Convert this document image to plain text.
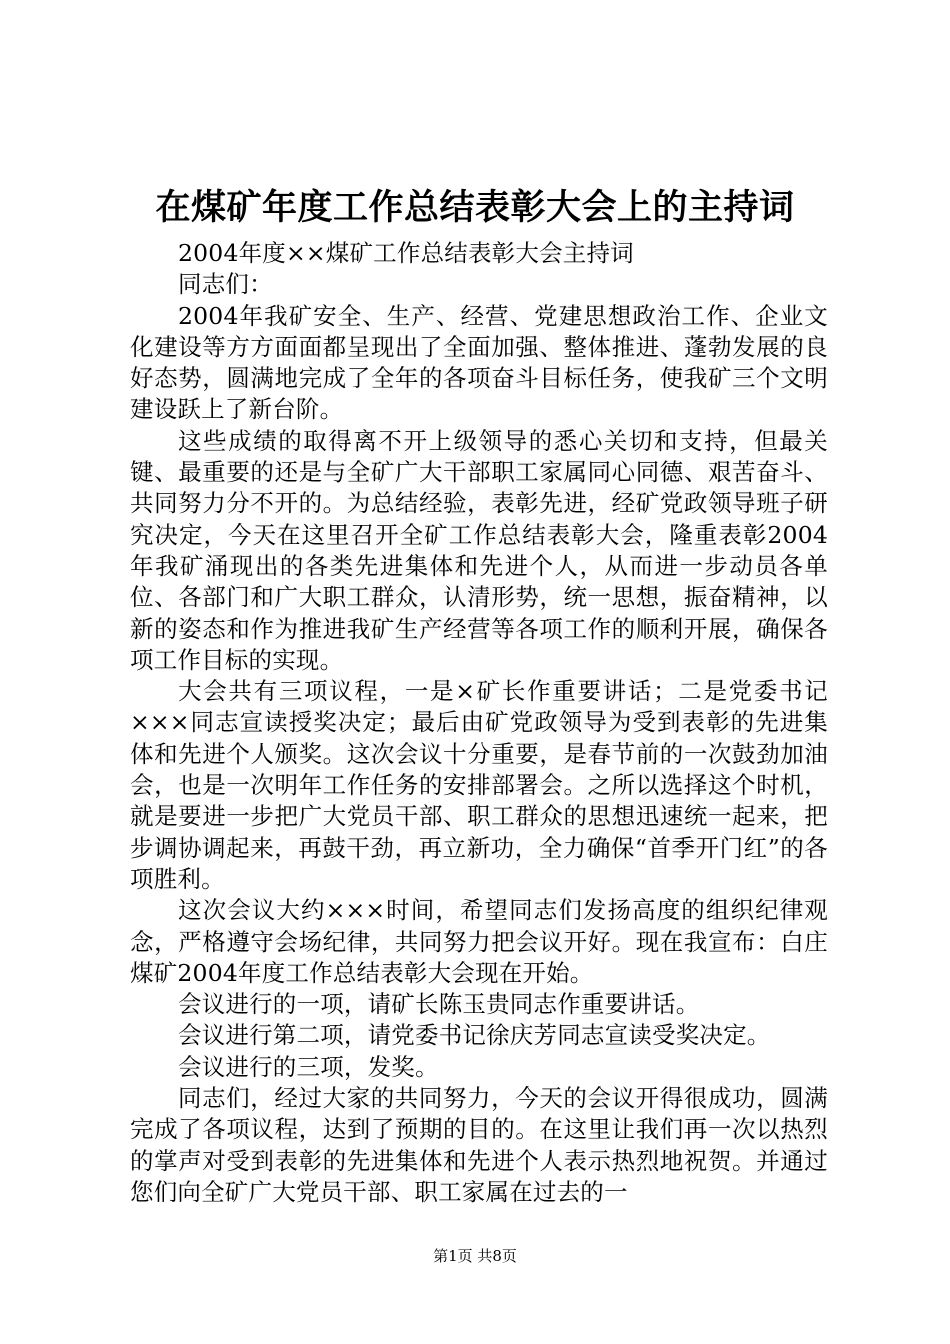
在煤矿年度工作总结表彰大会上的主持词

2004年度××煤矿工作总结表彰大会主持词

同志们：

2004年我矿安全、生产、经营、党建思想政治工作、企业文化建设等方方面面都呈现出了全面加强、整体推进、蓬勃发展的良好态势，圆满地完成了全年的各项奋斗目标任务，使我矿三个文明建设跃上了新台阶。

这些成绩的取得离不开上级领导的悉心关切和支持，但最关键、最重要的还是与全矿广大干部职工家属同心同德、艰苦奋斗、共同努力分不开的。为总结经验，表彰先进，经矿党政领导班子研究决定，今天在这里召开全矿工作总结表彰大会，隆重表彰2004年我矿涌现出的各类先进集体和先进个人，从而进一步动员各单位、各部门和广大职工群众，认清形势，统一思想，振奋精神，以新的姿态和作为推进我矿生产经营等各项工作的顺利开展，确保各项工作目标的实现。

大会共有三项议程，一是×矿长作重要讲话；二是党委书记×××同志宣读授奖决定；最后由矿党政领导为受到表彰的先进集体和先进个人颁奖。这次会议十分重要，是春节前的一次鼓劲加油会，也是一次明年工作任务的安排部署会。之所以选择这个时机，就是要进一步把广大党员干部、职工群众的思想迅速统一起来，把步调协调起来，再鼓干劲，再立新功，全力确保“首季开门红”的各项胜利。

这次会议大约×××时间，希望同志们发扬高度的组织纪律观念，严格遵守会场纪律，共同努力把会议开好。现在我宣布：白庄煤矿2004年度工作总结表彰大会现在开始。

会议进行的一项，请矿长陈玉贵同志作重要讲话。

会议进行第二项，请党委书记徐庆芳同志宣读受奖决定。

会议进行的三项，发奖。

同志们，经过大家的共同努力，今天的会议开得很成功，圆满完成了各项议程，达到了预期的目的。在这里让我们再一次以热烈的掌声对受到表彰的先进集体和先进个人表示热烈地祝贺。并通过您们向全矿广大党员干部、职工家属在过去的一

第1页 共8页
